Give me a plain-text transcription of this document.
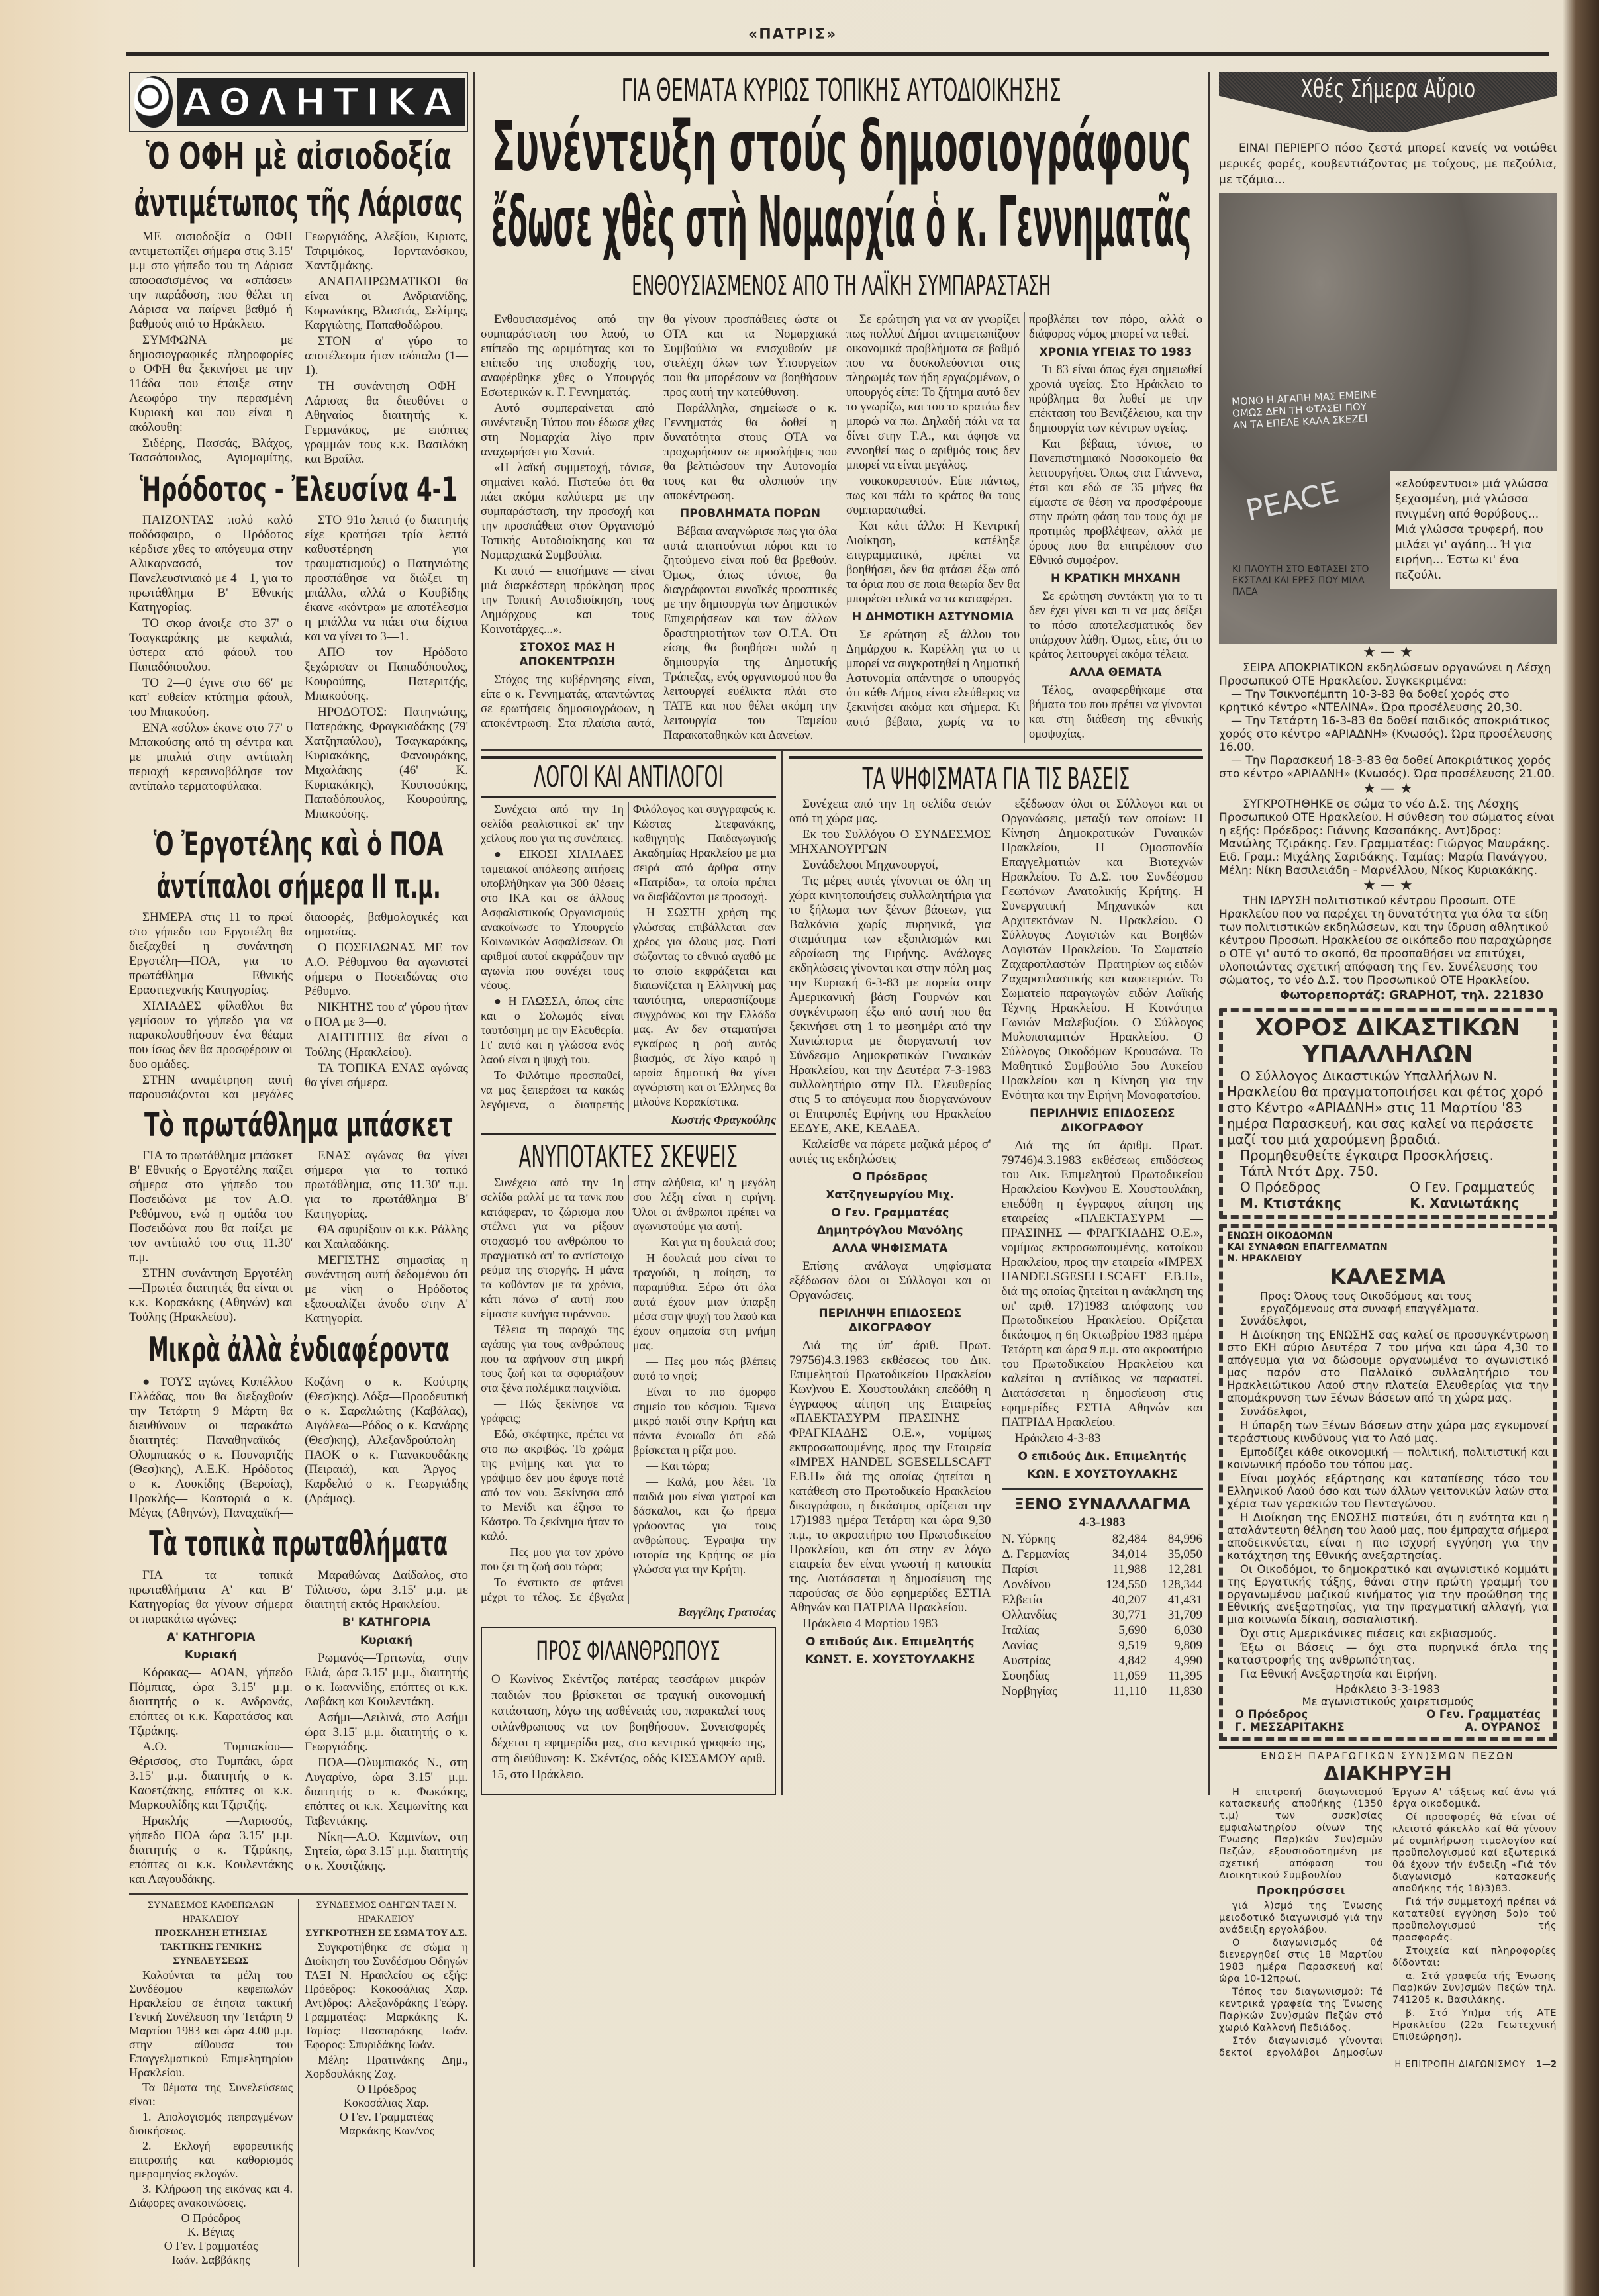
«ΠΑΤΡΙΣ»
ΑΘΛΗΤΙΚΑ
Ὁ ΟΦΗ μὲ αἰσιοδοξία
ἀντιμέτωπος τῆς Λάρισας

ΜΕ αισιοδοξία ο ΟΦΗ αντιμετωπίζει σήμερα στις 3.15' μ.μ στο γήπεδο του τη Λάρισα αποφασισμένος να «σπάσει» την παράδοση, που θέλει τη Λάρισα να παίρνει βαθμό ή βαθμούς από το Ηράκλειο.

ΣΥΜΦΩΝΑ με δημοσιογραφικές πληροφορίες ο ΟΦΗ θα ξεκινήσει με την 11άδα που έπαιξε στην Λεωφόρο την περασμένη Κυριακή και που είναι η ακόλουθη:

Σιδέρης, Πασσάς, Βλάχος, Τασσόπουλος, Αγιομαμίτης, Γεωργιάδης, Αλεξίου, Κιριατς, Τσιριμόκος, Ιορντανόσκου, Χαντζιμάκης.

ΑΝΑΠΛΗΡΩΜΑΤΙΚΟΙ θα είναι οι Ανδριανίδης, Κορωνάκης, Βλαστός, Σελίμης, Καργιώτης, Παπαθοδώρου.

ΣΤΟΝ α' γύρο το αποτέλεσμα ήταν ισόπαλο (1—1).

ΤΗ συνάντηση ΟΦΗ—Λάρισας θα διευθύνει ο Αθηναίος διαιτητής κ. Γερμανάκος, με επόπτες γραμμών τους κ.κ. Βασιλάκη και Βραΐλα.

Ἡρόδοτος - Ἐλευσίνα 4-1

ΠΑΙΖΟΝΤΑΣ πολύ καλό ποδόσφαιρο, ο Ηρόδοτος κέρδισε χθες το απόγευμα στην Αλικαρνασσό, τον Πανελευσινιακό με 4—1, για το πρωτάθλημα Β' Εθνικής Κατηγορίας.

ΤΟ σκορ άνοιξε στο 37' ο Τσαγκαράκης με κεφαλιά, ύστερα από φάουλ του Παπαδόπουλου.

ΤΟ 2—0 έγινε στο 66' με κατ' ευθείαν κτύπημα φάουλ, του Μπακούση.

ΕΝΑ «σόλο» έκανε στο 77' ο Μπακούσης από τη σέντρα και με μπαλιά στην αντίπαλη περιοχή κεραυνοβόλησε τον αντίπαλο τερματοφύλακα.

ΣΤΟ 91ο λεπτό (ο διαιτητής είχε κρατήσει τρία λεπτά καθυστέρηση για τραυματισμούς) ο Πατηνιώτης προσπάθησε να διώξει τη μπάλλα, αλλά ο Κουβίδης έκανε «κόντρα» με αποτέλεσμα η μπάλλα να πάει στα δίχτυα και να γίνει το 3—1.

ΑΠΟ τον Ηρόδοτο ξεχώρισαν οι Παπαδόπουλος, Κουρούπης, Πατεριτζής, Μπακούσης.

ΗΡΟΔΟΤΟΣ: Πατηνιώτης, Πατεράκης, Φραγκιαδάκης (79' Χατζηπαύλου), Τσαγκαράκης, Κυριακάκης, Φανουράκης, Μιχαλάκης (46' Κ. Κυριακάκης), Κουτσούκης, Παπαδόπουλος, Κουρούπης, Μπακούσης.

Ὁ Ἐργοτέλης καὶ ὁ ΠΟΑ
ἀντίπαλοι σήμερα ΙΙ π.μ.

ΣΗΜΕΡΑ στις 11 το πρωί στο γήπεδο του Εργοτέλη θα διεξαχθεί η συνάντηση Εργοτέλη—ΠΟΑ, για το πρωτάθλημα Εθνικής Ερασιτεχνικής Κατηγορίας.

ΧΙΛΙΑΔΕΣ φίλαθλοι θα γεμίσουν το γήπεδο για να παρακολουθήσουν ένα θέαμα που ίσως δεν θα προσφέρουν οι δυο ομάδες.

ΣΤΗΝ αναμέτρηση αυτή παρουσιάζονται και μεγάλες διαφορές, βαθμολογικές και σημασίας.

Ο ΠΟΣΕΙΔΩΝΑΣ ΜΕ τον Α.Ο. Ρέθυμνου θα αγωνιστεί σήμερα ο Ποσειδώνας στο Ρέθυμνο.

ΝΙΚΗΤΗΣ του α' γύρου ήταν ο ΠΟΑ με 3—0.

ΔΙΑΙΤΗΤΗΣ θα είναι ο Τούλης (Ηρακλείου).

ΤΑ ΤΟΠΙΚΑ ΕΝΑΣ αγώνας θα γίνει σήμερα.

Τὸ πρωτάθλημα μπάσκετ

ΓΙΑ το πρωτάθλημα μπάσκετ Β' Εθνικής ο Εργοτέλης παίζει σήμερα στο γήπεδο του Ποσειδώνα με τον Α.Ο. Ρεθύμνου, ενώ η ομάδα του Ποσειδώνα που θα παίξει με τον αντίπαλό του στις 11.30' π.μ.

ΣΤΗΝ συνάντηση Εργοτέλη—Πρωτέα διαιτητές θα είναι οι κ.κ. Κορακάκης (Αθηνών) και Τούλης (Ηρακλείου).

ΕΝΑΣ αγώνας θα γίνει σήμερα για το τοπικό πρωτάθλημα, στις 11.30' π.μ. για το πρωτάθλημα Β' Κατηγορίας.

ΘΑ σφυρίξουν οι κ.κ. Ράλλης και Χαιλαδάκης.

ΜΕΓΙΣΤΗΣ σημασίας η συνάντηση αυτή δεδομένου ότι με νίκη ο Ηρόδοτος εξασφαλίζει άνοδο στην Α' Κατηγορία.

Μικρὰ ἀλλὰ ἐνδιαφέροντα

● ΤΟΥΣ αγώνες Κυπέλλου Ελλάδας, που θα διεξαχθούν την Τετάρτη 9 Μάρτη θα διευθύνουν οι παρακάτω διαιτητές: Παναθηναϊκός—Ολυμπιακός ο κ. Πουναρτζής (Θεσ)κης), Α.Ε.Κ.—Ηρόδοτος ο κ. Λουκίδης (Βεροίας), Ηρακλής— Καστοριά ο κ. Μέγας (Αθηνών), Παναχαϊκή—Κοζάνη ο κ. Κούτρης (Θεσ)κης). Δόξα—Προοδευτική ο κ. Σαραλιώτης (Καβάλας), Αιγάλεω—Ρόδος ο κ. Κανάρης (Θεσ)κης), Αλεξανδρούπολη—ΠΑΟΚ ο κ. Γιανακουδάκης (Πειραιά), και Άργος—Καρδελιό ο κ. Γεωργιάδης (Δράμας).

Τὰ τοπικὰ πρωταθλήματα

ΓΙΑ τα τοπικά πρωταθλήματα Α' και Β' Κατηγορίας θα γίνουν σήμερα οι παρακάτω αγώνες:

Α' ΚΑΤΗΓΟΡΙΑ

Κυριακή

Κόρακας— ΑΟΑΝ, γήπεδο Πόμπιας, ώρα 3.15' μ.μ. διαιτητής ο κ. Ανδρονάς, επόπτες οι κ.κ. Καρατάσος και Τζιράκης.

Α.Ο. Τυμπακίου— Θέρισσος, στο Τυμπάκι, ώρα 3.15' μ.μ. διαιτητής ο κ. Καφετζάκης, επόπτες οι κ.κ. Μαρκουλίδης και Τζιρτζής.

Ηρακλής —Λαρισσός, γήπεδο ΠΟΑ ώρα 3.15' μ.μ. διαιτητής ο κ. Τζιράκης, επόπτες οι κ.κ. Κουλεντάκης και Λαγουδάκης.

Μαραθώνας—Δαίδαλος, στο Τύλισσο, ώρα 3.15' μ.μ. με διαιτητή εκτός Ηρακλείου.

Β' ΚΑΤΗΓΟΡΙΑ

Κυριακή

Ρωμανός—Τριτωνία, στην Ελιά, ώρα 3.15' μ.μ., διαιτητής ο κ. Ιωαννίδης, επόπτες οι κ.κ. Δαβάκη και Κουλεντάκη.

Ασήμι—Δειλινά, στο Ασήμι ώρα 3.15' μ.μ. διαιτητής ο κ. Γεωργιάδης.

ΠΟΑ—Ολυμπιακός Ν., στη Λυγαρίνο, ώρα 3.15' μ.μ. διαιτητής ο κ. Φωκάκης, επόπτες οι κ.κ. Χειμωνίτης και Ταβεντάκης.

Νίκη—Α.Ο. Καμινίων, στη Σητεία, ώρα 3.15' μ.μ. διαιτητής ο κ. Χουτζάκης.

ΣΥΝΔΕΣΜΟΣ ΚΑΦΕΠΩΛΩΝ ΗΡΑΚΛΕΙΟΥ
ΠΡΟΣΚΛΗΣΗ ΕΤΗΣΙΑΣ ΤΑΚΤΙΚΗΣ ΓΕΝΙΚΗΣ ΣΥΝΕΛΕΥΣΕΩΣ

Καλούνται τα μέλη του Συνδέσμου κεφεπωλών Ηρακλείου σε έτησια τακτική Γενική Συνέλευση την Τετάρτη 9 Μαρτίου 1983 και ώρα 4.00 μ.μ. στην αίθουσα του Επαγγελματικού Επιμελητηρίου Ηρακλείου.

Τα θέματα της Συνελεύσεως είναι:

1. Απολογισμός πεπραγμένων διοικήσεως.

2. Εκλογή εφορευτικής επιτροπής και καθορισμός ημερομηνίας εκλογών.

3. Κλήρωση της εικόνας και 4. Διάφορες ανακοινώσεις.

Ο Πρόεδρος
Κ. Βέγιας
Ο Γεν. Γραμματέας
Ιωάν. Σαββάκης
ΣΥΝΔΕΣΜΟΣ ΟΔΗΓΩΝ ΤΑΞΙ Ν. ΗΡΑΚΛΕΙΟΥ
ΣΥΓΚΡΟΤΗΣΗ ΣΕ ΣΩΜΑ ΤΟΥ Δ.Σ.

Συγκροτήθηκε σε σώμα η Διοίκηση του Συνδέσμου Οδηγών ΤΑΞΙ Ν. Ηρακλείου ως εξής: Πρόεδρος: Κοκοσάλιας Χαρ. Αντ)δρος: Αλεξανδράκης Γεώργ. Γραμματέας: Μαρκάκης Κ. Ταμίας: Πασπαράκης Ιωάν. Έφορος: Σπυριδάκης Ιωάν.

Μέλη: Πρατινάκης Δημ., Χορδουλάκης Ζαχ.

Ο Πρόεδρος
Κοκοσάλιας Χαρ.
Ο Γεν. Γραμματέας
Μαρκάκης Κων/νος
ΓΙΑ ΘΕΜΑΤΑ ΚΥΡΙΩΣ ΤΟΠΙΚΗΣ ΑΥΤΟΔΙΟΙΚΗΣΗΣ
Συνέντευξη στούς δημοσιογράφους
ἔδωσε χθὲς στὴ Νομαρχία ὁ κ. Γεννηματᾶς
ΕΝΘΟΥΣΙΑΣΜΕΝΟΣ ΑΠΟ ΤΗ ΛΑΪΚΗ ΣΥΜΠΑΡΑΣΤΑΣΗ

Ενθουσιασμένος από την συμπαράσταση του λαού, το επίπεδο της ωριμότητας και το επίπεδο της υποδοχής του, αναφέρθηκε χθες ο Υπουργός Εσωτερικών κ. Γ. Γεννηματάς.

Αυτό συμπεραίνεται από συνέντευξη Τύπου που έδωσε χθες στη Νομαρχία λίγο πριν αναχωρήσει για Χανιά.

«Η λαϊκή συμμετοχή, τόνισε, σημαίνει καλό. Πιστεύω ότι θα πάει ακόμα καλύτερα με την συμπαράσταση, την προσοχή και την προσπάθεια στον Οργανισμό Τοπικής Αυτοδιοίκησης και τα Νομαρχιακά Συμβούλια.

Κι αυτό — επισήμανε — είναι μιά διαρκέστερη πρόκληση προς την Τοπική Αυτοδιοίκηση, τους Δημάρχους και τους Κοινοτάρχες...».

ΣΤΟΧΟΣ ΜΑΣ Η ΑΠΟΚΕΝΤΡΩΣΗ

Στόχος της κυβέρνησης είναι, είπε ο κ. Γεννηματάς, απαντώντας σε ερωτήσεις δημοσιογράφων, η αποκέντρωση. Στα πλαίσια αυτά, θα γίνουν προσπάθειες ώστε οι ΟΤΑ και τα Νομαρχιακά Συμβούλια να ενισχυθούν με στελέχη όλων των Υπουργείων που θα μπορέσουν να βοηθήσουν προς αυτή την κατεύθυνση.

Παράλληλα, σημείωσε ο κ. Γεννηματάς θα δοθεί η δυνατότητα στους ΟΤΑ να προχωρήσουν σε προσλήψεις που θα βελτιώσουν την Αυτονομία τους και θα ολοπιούν την αποκέντρωση.

ΠΡΟΒΛΗΜΑΤΑ ΠΟΡΩΝ

Βέβαια αναγνώρισε πως για όλα αυτά απαιτούνται πόροι και το ζητούμενο είναι πού θα βρεθούν. Όμως, όπως τόνισε, θα διαγράφονται ευνοϊκές προοπτικές με την δημιουργία των Δημοτικών Επιχειρήσεων και των άλλων δραστηριοτήτων των Ο.Τ.Α. Ότι είσης θα βοηθήσει πολύ η δημιουργία της Δημοτικής Τράπεζας, ενός οργανισμού που θα λειτουργεί ευέλικτα πλάι στο ΤΑΤΕ και που θέλει ακόμη την λειτουργία του Ταμείου Παρακαταθηκών και Δανείων.

Σε ερώτηση για να αν γνωρίζει πως πολλοί Δήμοι αντιμετωπίζουν οικονομικά προβλήματα σε βαθμό που να δυσκολεύονται στις πληρωμές των ήδη εργαζομένων, ο υπουργός είπε: Το ζήτημα αυτό δεν το γνωρίζω, και του το κρατάω δεν μπορώ να πω. Δηλαδή πάλι να τα δίνει στην Τ.Α., και άφησε να εννοηθεί πως ο αριθμός τους δεν μπορεί να είναι μεγάλος.

νοικοκυρευτούν. Είπε πάντως, πως και πάλι το κράτος θα τους συμπαρασταθεί.

Και κάτι άλλο: Η Κεντρική Διοίκηση, κατέληξε επιγραμματικά, πρέπει να βοηθήσει, δεν θα φτάσει έξω από τα όρια που σε ποια θεωρία δεν θα μπορέσει τελικά να τα καταφέρει.

Η ΔΗΜΟΤΙΚΗ ΑΣΤΥΝΟΜΙΑ

Σε ερώτηση εξ άλλου του Δημάρχου κ. Καρέλλη για το τι μπορεί να συγκροτηθεί η Δημοτική Αστυνομία απάντησε ο υπουργός ότι κάθε Δήμος είναι ελεύθερος να ξεκινήσει ακόμα και σήμερα. Κι αυτό βέβαια, χωρίς να το προβλέπει τον πόρο, αλλά ο διάφορος νόμος μπορεί να τεθεί.

ΧΡΟΝΙΑ ΥΓΕΙΑΣ ΤΟ 1983

Τι 83 είναι όπως έχει σημειωθεί χρονιά υγείας. Στο Ηράκλειο το πρόβλημα θα λυθεί με την επέκταση του Βενιζέλειου, και την δημιουργία των κέντρων υγείας.

Και βέβαια, τόνισε, το Πανεπιστημιακό Νοσοκομείο θα λειτουργήσει. Όπως στα Γιάννενα, έτσι και εδώ σε 35 μήνες θα είμαστε σε θέση να προσφέρουμε στην πρώτη φάση του τους όχι με προτιμώς προβλέψεων, αλλά με όρους που θα επιτρέπουν στο Εθνικό συμφέρον.

Η ΚΡΑΤΙΚΗ ΜΗΧΑΝΗ

Σε ερώτηση συντάκτη για το τι δεν έχει γίνει και τι να μας δείξει το πόσο αποτελεσματικός δεν υπάρχουν λάθη. Όμως, είπε, ότι το κράτος λειτουργεί ακόμα τέλεια.

ΑΛΛΑ ΘΕΜΑΤΑ

Τέλος, αναφερθήκαμε στα βήματα του που πρέπει να γίνονται και στη διάθεση της εθνικής ομοψυχίας.

ΛΟΓΟΙ ΚΑΙ ΑΝΤΙΛΟΓΟΙ

Συνέχεια από την 1η σελίδα ρεαλιστικοί εκ' την χείλους που για τις συνέπειες.

● ΕΙΚΟΣΙ ΧΙΛΙΑΔΕΣ ταμειακοί απόλεσης αιτήσεις υποβλήθηκαν για 300 θέσεις στο ΙΚΑ και σε άλλους Ασφαλιστικούς Οργανισμούς ανακοίνωσε το Υπουργείο Κοινωνικών Ασφαλίσεων. Οι αριθμοί αυτοί εκφράζουν την αγωνία που συνέχει τους νέους.

● Η ΓΛΩΣΣΑ, όπως είπε και ο Σολωμός είναι ταυτόσημη με την Ελευθερία. Γι' αυτό και η γλώσσα ενός λαού είναι η ψυχή του.

Το Φιλότιμο προσπαθεί, να μας ξεπεράσει τα κακώς λεγόμενα, ο διαπρεπής Φιλόλογος και συγγραφεύς κ. Κώστας Στεφανάκης, καθηγητής Παιδαγωγικής Ακαδημίας Ηρακλείου με μια σειρά από άρθρα στην «Πατρίδα», τα οποία πρέπει να διαβάζονται με προσοχή.

Η ΣΩΣΤΗ χρήση της γλώσσας επιβάλλεται σαν χρέος για όλους μας. Γιατί σώζοντας το εθνικό αγαθό με το οποίο εκφράζεται και διαιωνίζεται η Ελληνική μας ταυτότητα, υπερασπίζουμε συγχρόνως και την Ελλάδα μας. Αν δεν σταματήσει εγκαίρως η ροή αυτός βιασμός, σε λίγο καιρό η ωραία δημοτική θα γίνει αγνώριστη και οι Έλληνες θα μιλούνε Κορακίστικα.

Κωστής Φραγκούλης
ΑΝΥΠΟΤΑΚΤΕΣ ΣΚΕΨΕΙΣ

Συνέχεια από την 1η σελίδα ραλλί με τα τανκ που κατάφεραν, το ζώρισμα που στέλνει για να ρίξουν στοχασμό του ανθρώπου το πραγματικό απ' το αντίστοιχο ρεύμα της στοργής. Η μάνα τα καθόνταν με τα χρόνια, κάτι πάνω σ' αυτή που είμαστε κυνήγια τυράννου.

Τέλεια τη παραχώ της αγάπης για τους ανθρώπους που τα αφήνουν στη μικρή τους ζωή και τα σφυριάζουν στα ξένα πολέμικα παιχνίδια.

— Πώς ξεκίνησε να γράφεις;

Εδώ, σκέφτηκε, πρέπει να στο πω ακριβώς. Το χρώμα της μνήμης και για το γράψιμο δεν μου έφυγε ποτέ από τον νου. Ξεκίνησα από το Μενίδι και έζησα το Κάστρο. Το ξεκίνημα ήταν το καλό.

— Πες μου για τον χρόνο που ζει τη ζωή σου τώρα;

Το ένστικτο σε φτάνει μέχρι το τέλος. Σε έβγαλα στην αλήθεια, κι' η μεγάλη σου λέξη είναι η ειρήνη. Όλοι οι άνθρωποι πρέπει να αγωνιστούμε για αυτή.

— Και για τη δουλειά σου;

Η δουλειά μου είναι το τραγούδι, η ποίηση, τα παραμύθια. Ξέρω ότι όλα αυτά έχουν μιαν ύπαρξη μέσα στην ψυχή του λαού και έχουν σημασία στη μνήμη μας.

— Πες μου πώς βλέπεις αυτό το νησί;

Είναι το πιο όμορφο σημείο του κόσμου. Έμενα μικρό παιδί στην Κρήτη και πάντα ένοιωθα ότι εδώ βρίσκεται η ρίζα μου.

— Και τώρα;

— Καλά, μου λέει. Τα παιδιά μου είναι γιατροί και δάσκαλοι, και ζω ήρεμα γράφοντας για τους ανθρώπους. Έγραψα την ιστορία της Κρήτης σε μία γλώσσα για την Κρήτη.

Βαγγέλης Γρατσέας
ΠΡΟΣ ΦΙΛΑΝΘΡΩΠΟΥΣ
Ο Κωνίνος Σκέντζος πατέρας τεσσάρων μικρών παιδιών που βρίσκεται σε τραγική οικονομική κατάσταση, λόγω της ασθένειάς του, παρακαλεί τους φιλάνθρωπους να τον βοηθήσουν. Συνεισφορές δέχεται η εφημερίδα μας, στο κεντρικό γραφείο της, στη διεύθυνση: Κ. Σκέντζος, οδός ΚΙΣΣΑΜΟΥ αριθ. 15, στο Ηράκλειο.
ΤΑ ΨΗΦΙΣΜΑΤΑ ΓΙΑ ΤΙΣ ΒΑΣΕΙΣ

Συνέχεια από την 1η σελίδα σειών από τη χώρα μας.

Εκ του Συλλόγου Ο ΣΥΝΔΕΣΜΟΣ ΜΗΧΑΝΟΥΡΓΩΝ

Συνάδελφοι Μηχανουργοί,

Τις μέρες αυτές γίνονται σε όλη τη χώρα κινητοποιήσεις συλλαλητήρια για το ξήλωμα των ξένων βάσεων, για Βαλκάνια χωρίς πυρηνικά, για σταμάτημα των εξοπλισμών και εδραίωση της Ειρήνης. Ανάλογες εκδηλώσεις γίνονται και στην πόλη μας την Κυριακή 6-3-83 με πορεία στην Αμερικανική βάση Γουρνών και συγκέντρωση έξω από αυτή που θα ξεκινήσει στη 1 το μεσημέρι από την Χανιώπορτα με διοργανωτή τον Σύνδεσμο Δημοκρατικών Γυναικών Ηρακλείου, και την Δευτέρα 7-3-1983 συλλαλητήριο στην Πλ. Ελευθερίας στις 5 το απόγευμα που διοργανώνουν οι Επιτροπές Ειρήνης του Ηρακλείου ΕΕΔΥΕ, ΑΚΕ, ΚΕΑΔΕΑ.

Καλείσθε να πάρετε μαζικά μέρος σ' αυτές τις εκδηλώσεις

Ο Πρόεδρος

Χατζηγεωργίου Μιχ.

Ο Γεν. Γραμματέας

Δημητρόγλου Μανόλης

ΑΛΛΑ ΨΗΦΙΣΜΑΤΑ

Επίσης ανάλογα ψηφίσματα εξέδωσαν όλοι οι Σύλλογοι και οι Οργανώσεις.

ΠΕΡΙΛΗΨΗ ΕΠΙΔΟΣΕΩΣ ΔΙΚΟΓΡΑΦΟΥ

Διά της ύπ' άριθ. Πρωτ. 79756)4.3.1983 εκθέσεως του Δικ. Επιμελητού Πρωτοδικείου Ηρακλείου Κων)νου Ε. Χουστουλάκη επεδόθη η έγγραφος αίτηση της Εταιρείας «ΠΛΕΚΤΑΣΥΡΜ ΠΡΑΣΙΝΗΣ — ΦΡΑΓΚΙΑΔΗΣ Ο.Ε.», νομίμως εκπροσωπουμένης, προς την Εταιρεία «IMPEX HANDEL SGESELLSCAFT F.B.H» διά της οποίας ζητείται η κατάθεση στο Πρωτοδικείο Ηρακλείου δικογράφου, η δικάσιμος ορίζεται την 17)1983 ημέρα Τετάρτη και ώρα 9,30 π.μ., το ακροατήριο του Πρωτοδικείου Ηρακλείου, και ότι στην εν λόγω εταιρεία δεν είναι γνωστή η κατοικία της. Διατάσσεται η δημοσίευση της παρούσας σε δύο εφημερίδες ΕΣΤΙΑ Αθηνών και ΠΑΤΡΙΔΑ Ηρακλείου.

Ηράκλειο 4 Μαρτίου 1983

Ο επιδούς Δικ. Επιμελητής

ΚΩΝΣΤ. Ε. ΧΟΥΣΤΟΥΛΑΚΗΣ

εξέδωσαν όλοι οι Σύλλογοι και οι Οργανώσεις, μεταξύ των οποίων: Η Κίνηση Δημοκρατικών Γυναικών Ηρακλείου, Η Ομοσπονδία Επαγγελματιών και Βιοτεχνών Ηρακλείου. Το Δ.Σ. του Συνδέσμου Γεωπόνων Ανατολικής Κρήτης. Η Συνεργατική Μηχανικών και Αρχιτεκτόνων Ν. Ηρακλείου. Ο Σύλλογος Λογιστών και Βοηθών Λογιστών Ηρακλείου. Το Σωματείο Ζαχαροπλαστών—Πρατηρίων ως ειδών Ζαχαροπλαστικής και καφετεριών. Το Σωματείο παραγωγών ειδών Λαϊκής Τέχνης Ηρακλείου. Η Κοινότητα Γωνιών Μαλεβυζίου. Ο Σύλλογος Μυλοποταμιτών Ηρακλείου. Ο Σύλλογος Οικοδόμων Κρουσώνα. Το Μαθητικό Συμβούλιο 5ου Λυκείου Ηρακλείου και η Κίνηση για την Ενότητα και την Ειρήνη Μονοφατσίου.

ΠΕΡΙΛΗΨΙΣ ΕΠΙΔΟΣΕΩΣ ΔΙΚΟΓΡΑΦΟΥ

Διά της ύπ άριθμ. Πρωτ. 79746)4.3.1983 εκθέσεως επιδόσεως του Δικ. Επιμελητού Πρωτοδικείου Ηρακλείου Κων)νου Ε. Χουστουλάκη, επεδόθη η έγγραφος αίτηση της εταιρείας «ΠΛΕΚΤΑΣΥΡΜ — ΠΡΑΣΙΝΗΣ — ΦΡΑΓΚΙΑΔΗΣ Ο.Ε.», νομίμως εκπροσωπουμένης, κατοίκου Ηρακλείου, προς την εταιρεία «IMPEX HANDELSGESELLSCAFT F.B.H», διά της οποίας ζητείται η ανάκληση της υπ' αριθ. 17)1983 απόφασης του Πρωτοδικείου Ηρακλείου. Ορίζεται δικάσιμος η 6η Οκτωβρίου 1983 ημέρα Τετάρτη και ώρα 9 π.μ. στο ακροατήριο του Πρωτοδικείου Ηρακλείου και καλείται η αντίδικος να παραστεί. Διατάσσεται η δημοσίευση στις εφημερίδες ΕΣΤΙΑ Αθηνών και ΠΑΤΡΙΔΑ Ηρακλείου.

Ηράκλειο 4-3-83

Ο επιδούς Δικ. Επιμελητής

ΚΩΝ. Ε ΧΟΥΣΤΟΥΛΑΚΗΣ

ΞΕΝΟ ΣΥΝΑΛΛΑΓΜΑ
4-3-1983
Ν. Υόρκης	82,484	84,996
Δ. Γερμανίας	34,014	35,050
Παρίσι	11,988	12,281
Λονδίνου	124,550	128,344
Ελβετία	40,207	41,431
Ολλανδίας	30,771	31,709
Ιταλίας	5,690	6,030
Δανίας	9,519	9,809
Αυστρίας	4,842	4,990
Σουηδίας	11,059	11,395
Νορβηγίας	11,110	11,830
Χθές Σήμερα Αὔριο
ΕΙΝΑΙ ΠΕΡΙΕΡΓΟ πόσο ζεστά μπορεί κανείς να νοιώθει μερικές φορές, κουβεντιάζοντας με τοίχους, με πεζούλια, με τζάμια...
ΜΟΝΟ Η ΑΓΑΠΗ ΜΑΣ ΕΜΕΙΝΕ ΟΜΩΣ ΔΕΝ ΤΗ ΦΤΑΣΕΙ ΠΟΥ ΑΝ ΤΑ ΕΠΕΛΕ ΚΑΛΑ ΣΚΕΖΕΙ
PEACE
ΚΙ ΠΛΟΥΤΗ ΣΤΟ ΕΦΤΑΣΕΙ ΣΤΟ ΕΚΣΤΑΔΙ ΚΑΙ ΕΡΕΣ ΠΟΥ ΜΙΛΑ ΠΛΕΑ
«ελούφεντυοι» μιά γλώσσα ξεχασμένη, μιά γλώσσα πνιγμένη από θορύβους... Μιά γλώσσα τρυφερή, που μιλάει γι' αγάπη... Ή για ειρήνη... Έστω κι' ένα πεζούλι.
★ — ★

ΣΕΙΡΑ ΑΠΟΚΡΙΑΤΙΚΩΝ εκδηλώσεων οργανώνει η Λέσχη Προσωπικού ΟΤΕ Ηρακλείου. Συγκεκριμένα:

— Την Τσικνοπέμπτη 10-3-83 θα δοθεί χορός στο κρητικό κέντρο «ΝΤΕΛΙΝΑ». Ώρα προσέλευσης 20,30.

— Την Τετάρτη 16-3-83 θα δοθεί παιδικός αποκριάτικος χορός στο κέντρο «ΑΡΙΑΔΝΗ» (Κνωσός). Ώρα προσέλευσης 16.00.

— Την Παρασκευή 18-3-83 θα δοθεί Αποκριάτικος χορός στο κέντρο «ΑΡΙΑΔΝΗ» (Κνωσός). Ώρα προσέλευσης 21.00.

★ — ★

ΣΥΓΚΡΟΤΗΘΗΚΕ σε σώμα το νέο Δ.Σ. της Λέσχης Προσωπικού ΟΤΕ Ηρακλείου. Η σύνθεση του σώματος είναι η εξής: Πρόεδρος: Γιάννης Κασαπάκης. Αντ)δρος: Μανώλης Τζιράκης. Γεν. Γραμματέας: Γιώργος Μαυράκης. Ειδ. Γραμ.: Μιχάλης Σαριδάκης. Ταμίας: Μαρία Πανάγγου, Μέλη: Νίκη Βασιλειάδη - Μαρνέλλου, Νίκος Κυριακάκης.

★ — ★

ΤΗΝ ΙΔΡΥΣΗ πολιτιστικού κέντρου Προσωπ. ΟΤΕ Ηρακλείου που να παρέχει τη δυνατότητα για όλα τα είδη των πολιτιστικών εκδηλώσεων, και την ίδρυση αθλητικού κέντρου Προσωπ. Ηρακλείου σε οικόπεδο που παραχώρησε ο ΟΤΕ γι' αυτό το σκοπό, θα προσπαθήσει να επιτύχει, υλοποιώντας σχετική απόφαση της Γεν. Συνέλευσης του σώματος, το νέο Δ.Σ. του Προσωπικού ΟΤΕ Ηρακλείου.

Φωτορεπορτάζ: GRAPHOT, τηλ. 221830
ΧΟΡΟΣ ΔΙΚΑΣΤΙΚΩΝ ΥΠΑΛΛΗΛΩΝ
Ο Σύλλογος Δικαστικών Υπαλλήλων Ν. Ηρακλείου θα πραγματοποιήσει και φέτος χορό στο Κέντρο «ΑΡΙΑΔΝΗ» στις 11 Μαρτίου '83 ημέρα Παρασκευή, και σας καλεί να περάσετε μαζί του μιά χαρούμενη βραδιά.
Προμηθευθείτε έγκαιρα Προσκλήσεις.
Τάπλ Ντότ Δρχ. 750.
Ο Πρόεδρος
Μ. Κτιστάκης
Ο Γεν. Γραμματεύς
Κ. Χανιωτάκης
ΕΝΩΣΗ ΟΙΚΟΔΟΜΩΝ
ΚΑΙ ΣΥΝΑΦΩΝ ΕΠΑΓΓΕΛΜΑΤΩΝ
Ν. ΗΡΑΚΛΕΙΟΥ
ΚΑΛΕΣΜΑ
Προς: Όλους τους Οικοδόμους και τους εργαζόμενους στα συναφή επαγγέλματα.

Συνάδελφοι,

Η Διοίκηση της ΕΝΩΣΗΣ σας καλεί σε προσυγκέντρωση στο ΕΚΗ αύριο Δευτέρα 7 του μήνα και ώρα 4,30 το απόγευμα για να δώσουμε οργανωμένα το αγωνιστικό μας παρόν στο Παλλαϊκό συλλαλητήριο του Ηρακλειώτικου Λαού στην πλατεία Ελευθερίας για την απομάκρυνση των Ξένων Βάσεων από τη χώρα μας.

Συνάδελφοι,

Η ύπαρξη των Ξένων Βάσεων στην χώρα μας εγκυμονεί τεράστιους κινδύνους για το Λαό μας.

Εμποδίζει κάθε οικονομική — πολιτική, πολιτιστική και κοινωνική πρόοδο του τόπου μας.

Είναι μοχλός εξάρτησης και καταπίεσης τόσο του Ελληνικού Λαού όσο και των άλλων γειτονικών λαών στα χέρια των γερακιών του Πενταγώνου.

Η Διοίκηση της ΕΝΩΣΗΣ πιστεύει, ότι η ενότητα και η αταλάντευτη θέληση του λαού μας, που έμπραχτα σήμερα αποδεικνύεται, είναι η πιο ισχυρή εγγύηση για την κατάχτηση της Εθνικής ανεξαρτησίας.

Οι Οικοδόμοι, το δημοκρατικό και αγωνιστικό κομμάτι της Εργατικής τάξης, θάναι στην πρώτη γραμμή του οργανωμένου μαζικού κινήματος για την προώθηση της Εθνικής ανεξαρτησίας, για την πραγματική αλλαγή, για μια κοινωνία δίκαιη, σοσιαλιστική.

Όχι στις Αμερικάνικες πιέσεις και εκβιασμούς.

Έξω οι Βάσεις — όχι στα πυρηνικά όπλα της καταστροφής της ανθρωπότητας.

Για Εθνική Ανεξαρτησία και Ειρήνη.

Ηράκλειο 3-3-1983
Με αγωνιστικούς χαιρετισμούς
Ο Πρόεδρος
Γ. ΜΕΣΣΑΡΙΤΑΚΗΣ
Ο Γεν. Γραμματέας
Α. ΟΥΡΑΝΟΣ
ΕΝΩΣΗ ΠΑΡΑΓΩΓΙΚΩΝ ΣΥΝ)ΣΜΩΝ ΠΕΖΩΝ
ΔΙΑΚΗΡΥΞΗ

Η επιτροπή διαγωνισμού κατασκευής αποθήκης (1350 τ.μ) των συσκ)σίας εμφιαλωτηρίου οίνων της Ένωσης Παρ)κών Συν)σμών Πεζών, εξουσιοδοτημένη με σχετική απόφαση του Διοικητικού Συμβουλίου

Προκηρύσσει

γιά λ)σμό της Ένωσης μειοδοτικό διαγωνισμό γιά την ανάδειξη εργολάβου.

Ο διαγωνισμός θά διενεργηθεί στις 18 Μαρτίου 1983 ημέρα Παρασκευή καί ώρα 10-12πρωί.

Τόπος του διαγωνισμού: Τά κεντρικά γραφεία της Ένωσης Παρ)κών Συν)σμών Πεζών στό χωριό Καλλονή Πεδιάδος.

Στόν διαγωνισμό γίνονται δεκτοί εργολάβοι Δημοσίων Έργων Α' τάξεως καί άνω γιά έργα οικοδομικά.

Οί προσφορές θά είναι σέ κλειστό φάκελλο καί θά γίνουν μέ συμπλήρωση τιμολογίου καί προϋπολογισμού καί εξωτερικά θά έχουν τήν ένδειξη «Γιά τόν διαγωνισμό κατασκευής αποθήκης τής 18)3)83.

Γιά τήν συμμετοχή πρέπει νά κατατεθεί εγγύηση 5ο)ο τού προϋπολογισμού τής προσφοράς.

Στοιχεία καί πληροφορίες δίδονται:

α. Στά γραφεία τής Ένωσης Παρ)κών Συν)σμών Πεζών τηλ. 741205 κ. Βασιλάκης.

β. Στό Υπ)μα τής ΑΤΕ Ηρακλείου (22α Γεωτεχνική Επιθεώρηση).

Η ΕΠΙΤΡΟΠΗ ΔΙΑΓΩΝΙΣΜΟΥ 1—2
